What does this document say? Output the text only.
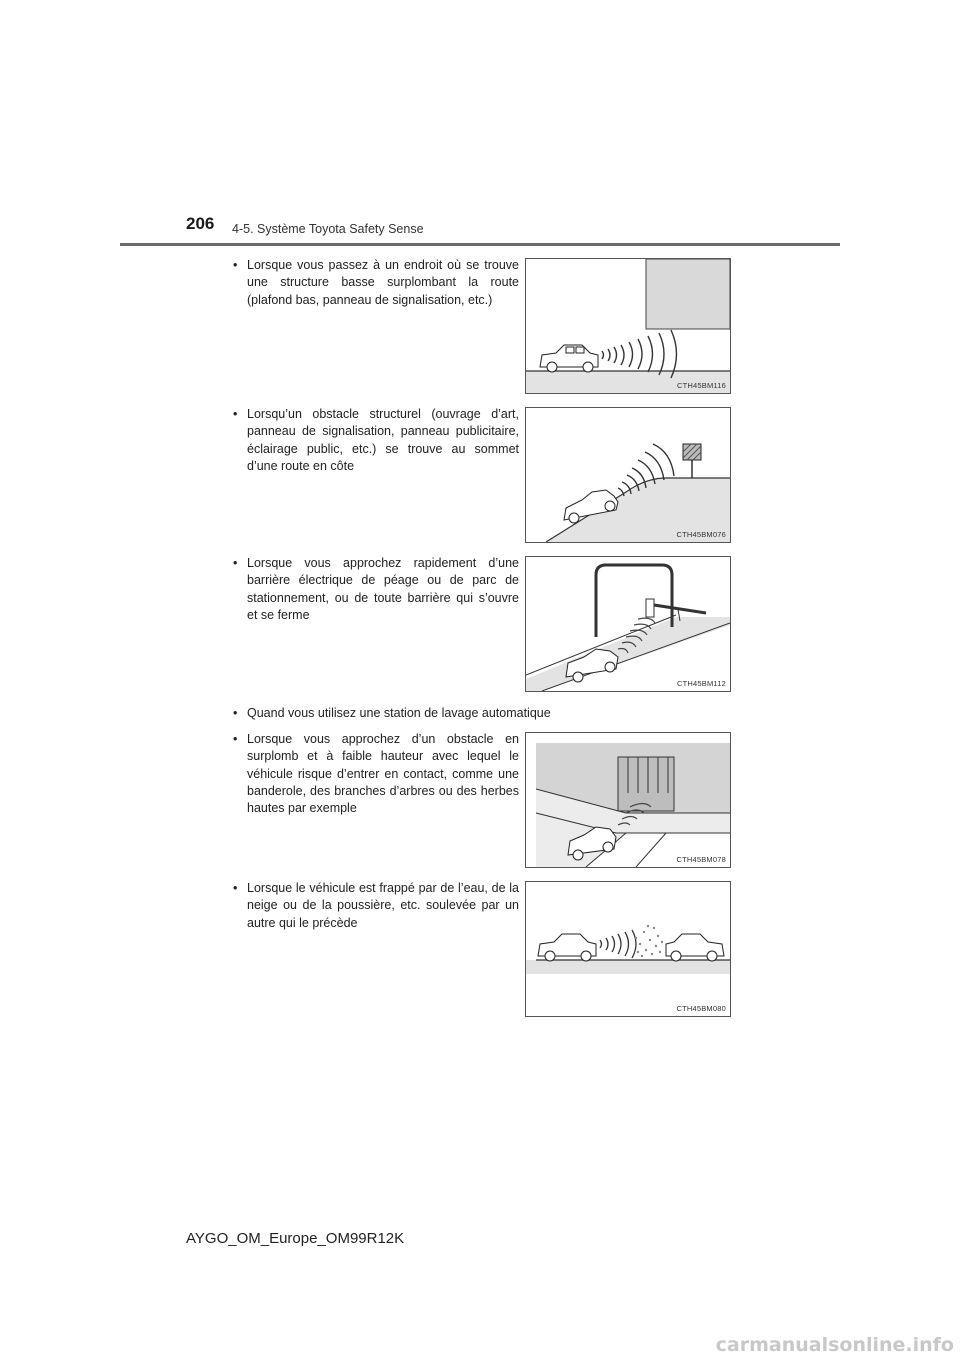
206 4-5. Système Toyota Safety Sense
• Lorsque vous passez à un endroit où se trouve une structure basse surplombant la route (plafond bas, panneau de signalisation, etc.)
CTH45BM116
• Lorsqu’un obstacle structurel (ouvrage d’art, panneau de signalisation, panneau publicitaire, éclairage public, etc.) se trouve au sommet d’une route en côte
CTH45BM076
• Lorsque vous approchez rapidement d’une barrière électrique de péage ou de parc de stationnement, ou de toute barrière qui s’ouvre et se ferme
CTH45BM112
• Quand vous utilisez une station de lavage automatique
• Lorsque vous approchez d’un obstacle en surplomb et à faible hauteur avec lequel le véhicule risque d’entrer en contact, comme une banderole, des branches d’arbres ou des herbes hautes par exemple
CTH45BM078
• Lorsque le véhicule est frappé par de l’eau, de la neige ou de la poussière, etc. soulevée par un autre qui le précède
CTH45BM080
AYGO_OM_Europe_OM99R12K
carmanualsonline.info
